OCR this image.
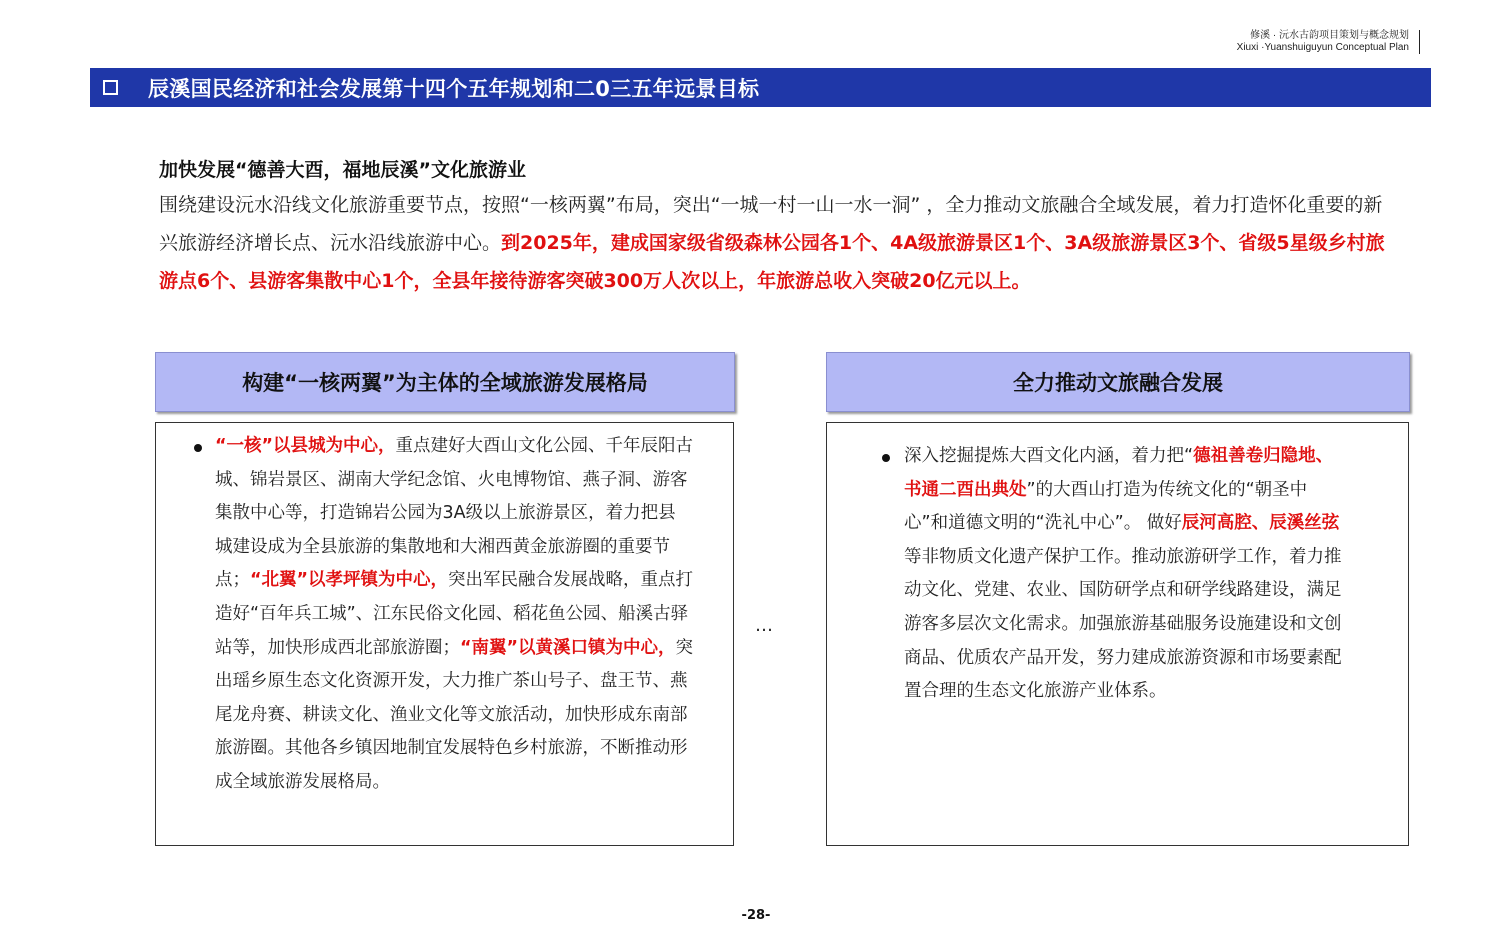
修溪 · 沅水古韵项目策划与概念规划
Xiuxi ·Yuanshuiguyun Conceptual Plan
辰溪国民经济和社会发展第十四个五年规划和二0三五年远景目标
加快发展“德善大酉，福地辰溪”文化旅游业
围绕建设沅水沿线文化旅游重要节点，按照“一核两翼”布局，突出“一城一村一山一水一洞” ，全力推动文旅融合全域发展，着力打造怀化重要的新兴旅游经济增长点、沅水沿线旅游中心。到2025年，建成国家级省级森林公园各1个、4A级旅游景区1个、3A级旅游景区3个、省级5星级乡村旅游点6个、县游客集散中心1个，全县年接待游客突破300万人次以上，年旅游总收入突破20亿元以上。
构建“一核两翼”为主体的全域旅游发展格局
“一核”以县城为中心，重点建好大酉山文化公园、千年辰阳古城、锦岩景区、湖南大学纪念馆、火电博物馆、燕子洞、游客集散中心等，打造锦岩公园为3A级以上旅游景区，着力把县城建设成为全县旅游的集散地和大湘西黄金旅游圈的重要节点；“北翼”以孝坪镇为中心，突出军民融合发展战略，重点打造好“百年兵工城”、江东民俗文化园、稻花鱼公园、船溪古驿站等，加快形成西北部旅游圈；“南翼”以黄溪口镇为中心，突出瑶乡原生态文化资源开发，大力推广茶山号子、盘王节、燕尾龙舟赛、耕读文化、渔业文化等文旅活动，加快形成东南部旅游圈。其他各乡镇因地制宜发展特色乡村旅游，不断推动形成全域旅游发展格局。
…
全力推动文旅融合发展
深入挖掘提炼大酉文化内涵，着力把“德祖善卷归隐地、书通二酉出典处”的大酉山打造为传统文化的“朝圣中心”和道德文明的“洗礼中心”。 做好辰河高腔、辰溪丝弦等非物质文化遗产保护工作。推动旅游研学工作，着力推动文化、党建、农业、国防研学点和研学线路建设，满足游客多层次文化需求。加强旅游基础服务设施建设和文创商品、优质农产品开发，努力建成旅游资源和市场要素配置合理的生态文化旅游产业体系。
-28-
